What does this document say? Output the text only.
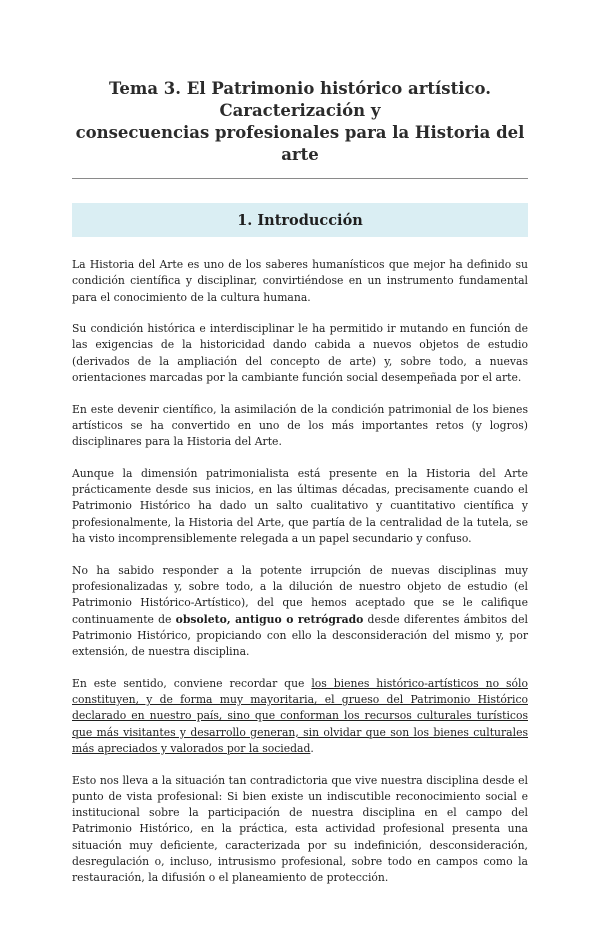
Tema 3. El Patrimonio histórico artístico. Caracterización y
consecuencias profesionales para la Historia del arte
1. Introducción

La Historia del Arte es uno de los saberes humanísticos que mejor ha definido su condición científica y disciplinar, convirtiéndose en un instrumento fundamental para el conocimiento de la cultura humana.

Su condición histórica e interdisciplinar le ha permitido ir mutando en función de las exigencias de la historicidad dando cabida a nuevos objetos de estudio (derivados de la ampliación del concepto de arte) y, sobre todo, a nuevas orientaciones marcadas por la cambiante función social desempeñada por el arte.

En este devenir científico, la asimilación de la condición patrimonial de los bienes artísticos se ha convertido en uno de los más importantes retos (y logros) disciplinares para la Historia del Arte.

Aunque la dimensión patrimonialista está presente en la Historia del Arte prácticamente desde sus inicios, en las últimas décadas, precisamente cuando el Patrimonio Histórico ha dado un salto cualitativo y cuantitativo científica y profesionalmente, la Historia del Arte, que partía de la centralidad de la tutela, se ha visto incomprensiblemente relegada a un papel secundario y confuso.

No ha sabido responder a la potente irrupción de nuevas disciplinas muy profesionalizadas y, sobre todo, a la dilución de nuestro objeto de estudio (el Patrimonio Histórico-Artístico), del que hemos aceptado que se le califique continuamente de obsoleto, antiguo o retrógrado desde diferentes ámbitos del Patrimonio Histórico, propiciando con ello la desconsideración del mismo y, por extensión, de nuestra disciplina.

En este sentido, conviene recordar que los bienes histórico-artísticos no sólo constituyen, y de forma muy mayoritaria, el grueso del Patrimonio Histórico declarado en nuestro país, sino que conforman los recursos culturales turísticos que más visitantes y desarrollo generan, sin olvidar que son los bienes culturales más apreciados y valorados por la sociedad.

Esto nos lleva a la situación tan contradictoria que vive nuestra disciplina desde el punto de vista profesional: Si bien existe un indiscutible reconocimiento social e institucional sobre la participación de nuestra disciplina en el campo del Patrimonio Histórico, en la práctica, esta actividad profesional presenta una situación muy deficiente, caracterizada por su indefinición, desconsideración, desregulación o, incluso, intrusismo profesional, sobre todo en campos como la restauración, la difusión o el planeamiento de protección.
